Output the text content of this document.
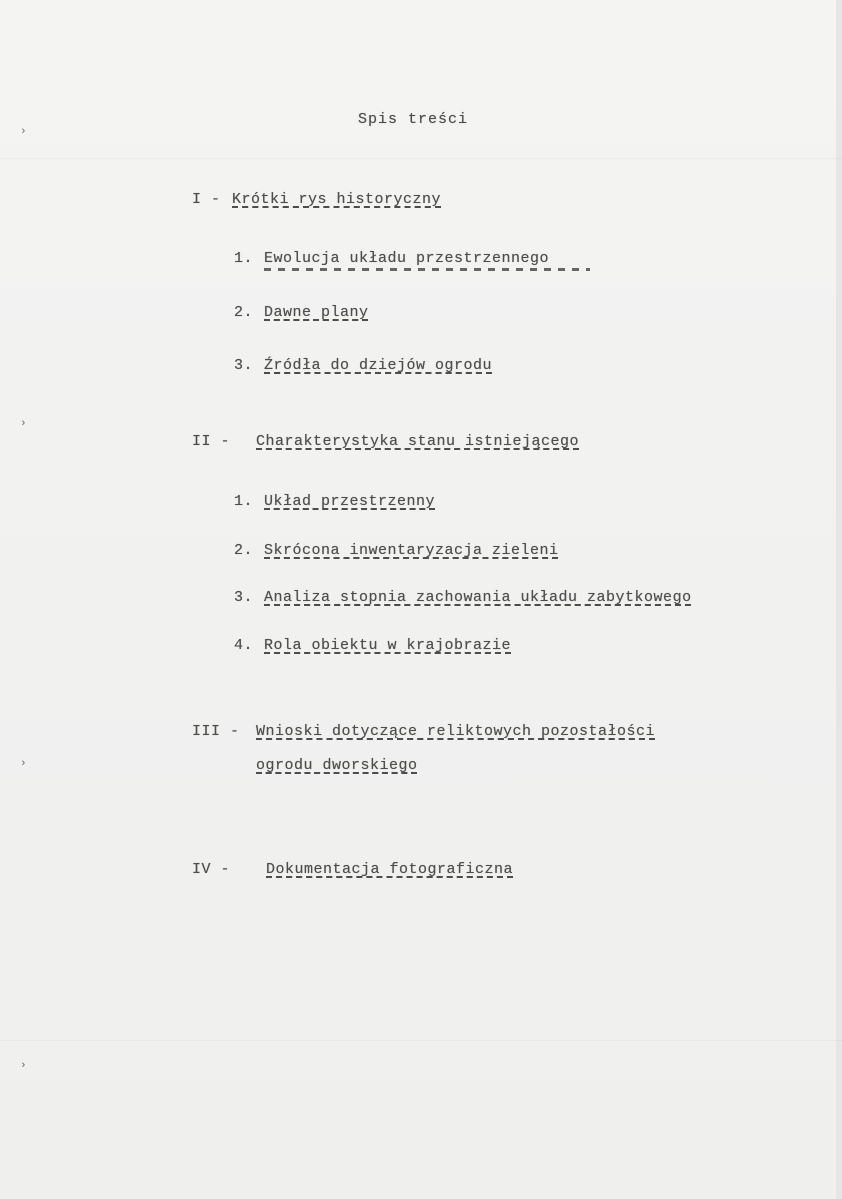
›
›
›
›
Spis treści
I - Krótki rys historyczny
1. Ewolucja układu przestrzennego
2. Dawne plany
3. Źródła do dziejów ogrodu
II - Charakterystyka stanu istniejącego
1. Układ przestrzenny
2. Skrócona inwentaryzacja zieleni
3. Analiza stopnia zachowania układu zabytkowego
4. Rola obiektu w krajobrazie
III - Wnioski dotyczące reliktowych pozostałości
ogrodu dworskiego
IV - Dokumentacja fotograficzna
